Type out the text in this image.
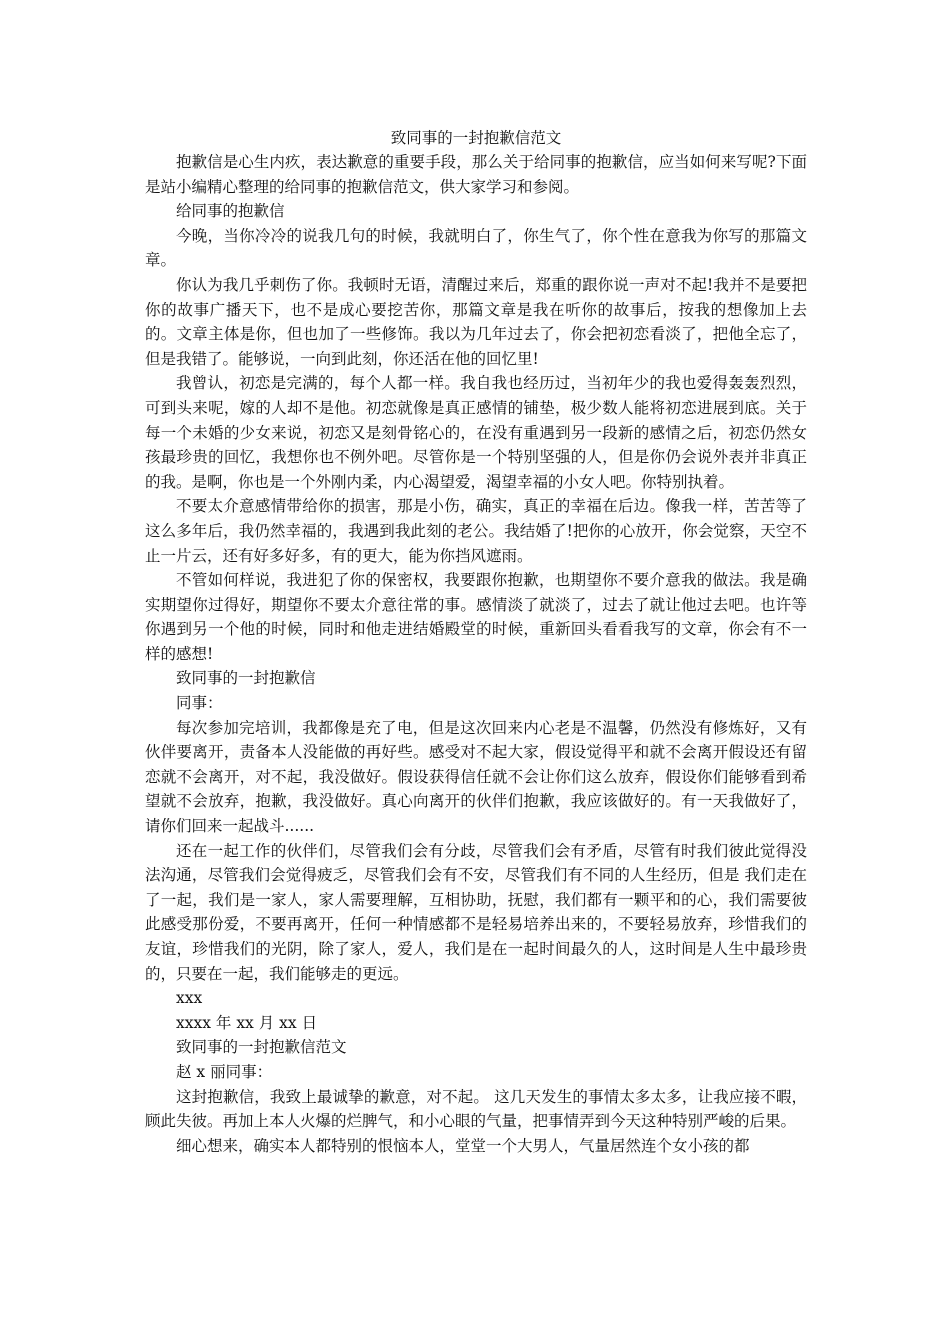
致同事的一封抱歉信范文

抱歉信是心生内疚，表达歉意的重要手段，那么关于给同事的抱歉信，应当如何来写呢?下面是站小编精心整理的给同事的抱歉信范文，供大家学习和参阅。

给同事的抱歉信

今晚，当你冷冷的说我几句的时候，我就明白了，你生气了，你个性在意我为你写的那篇文章。

你认为我几乎刺伤了你。我顿时无语，清醒过来后，郑重的跟你说一声对不起!我并不是要把你的故事广播天下，也不是成心要挖苦你，那篇文章是我在听你的故事后，按我的想像加上去的。文章主体是你，但也加了一些修饰。我以为几年过去了，你会把初恋看淡了，把他全忘了，但是我错了。能够说，一向到此刻，你还活在他的回忆里!

我曾认，初恋是完满的，每个人都一样。我自我也经历过，当初年少的我也爱得轰轰烈烈，可到头来呢，嫁的人却不是他。初恋就像是真正感情的铺垫，极少数人能将初恋进展到底。关于每一个未婚的少女来说，初恋又是刻骨铭心的，在没有重遇到另一段新的感情之后，初恋仍然女孩最珍贵的回忆，我想你也不例外吧。尽管你是一个特别坚强的人，但是你仍会说外表并非真正的我。是啊，你也是一个外刚内柔，内心渴望爱，渴望幸福的小女人吧。你特别执着。

不要太介意感情带给你的损害，那是小伤，确实，真正的幸福在后边。像我一样，苦苦等了这么多年后，我仍然幸福的，我遇到我此刻的老公。我结婚了!把你的心放开，你会觉察，天空不止一片云，还有好多好多，有的更大，能为你挡风遮雨。

不管如何样说，我进犯了你的保密权，我要跟你抱歉，也期望你不要介意我的做法。我是确实期望你过得好，期望你不要太介意往常的事。感情淡了就淡了，过去了就让他过去吧。也许等你遇到另一个他的时候，同时和他走进结婚殿堂的时候，重新回头看看我写的文章，你会有不一样的感想!

致同事的一封抱歉信

同事：

每次参加完培训，我都像是充了电，但是这次回来内心老是不温馨，仍然没有修炼好，又有伙伴要离开，责备本人没能做的再好些。感受对不起大家，假设觉得平和就不会离开假设还有留恋就不会离开，对不起，我没做好。假设获得信任就不会让你们这么放弃，假设你们能够看到希望就不会放弃，抱歉，我没做好。真心向离开的伙伴们抱歉，我应该做好的。有一天我做好了，请你们回来一起战斗......

还在一起工作的伙伴们，尽管我们会有分歧，尽管我们会有矛盾，尽管有时我们彼此觉得没法沟通，尽管我们会觉得疲乏，尽管我们会有不安，尽管我们有不同的人生经历，但是 我们走在了一起，我们是一家人，家人需要理解，互相协助，抚慰，我们都有一颗平和的心，我们需要彼此感受那份爱，不要再离开，任何一种情感都不是轻易培养出来的，不要轻易放弃，珍惜我们的友谊，珍惜我们的光阴，除了家人，爱人，我们是在一起时间最久的人，这时间是人生中最珍贵的，只要在一起，我们能够走的更远。

xxx

xxxx 年 xx 月 xx 日

致同事的一封抱歉信范文

赵 x 丽同事：

这封抱歉信，我致上最诚挚的歉意，对不起。 这几天发生的事情太多太多，让我应接不暇，顾此失彼。再加上本人火爆的烂脾气，和小心眼的气量，把事情弄到今天这种特别严峻的后果。

细心想来，确实本人都特别的恨恼本人，堂堂一个大男人，气量居然连个女小孩的都
